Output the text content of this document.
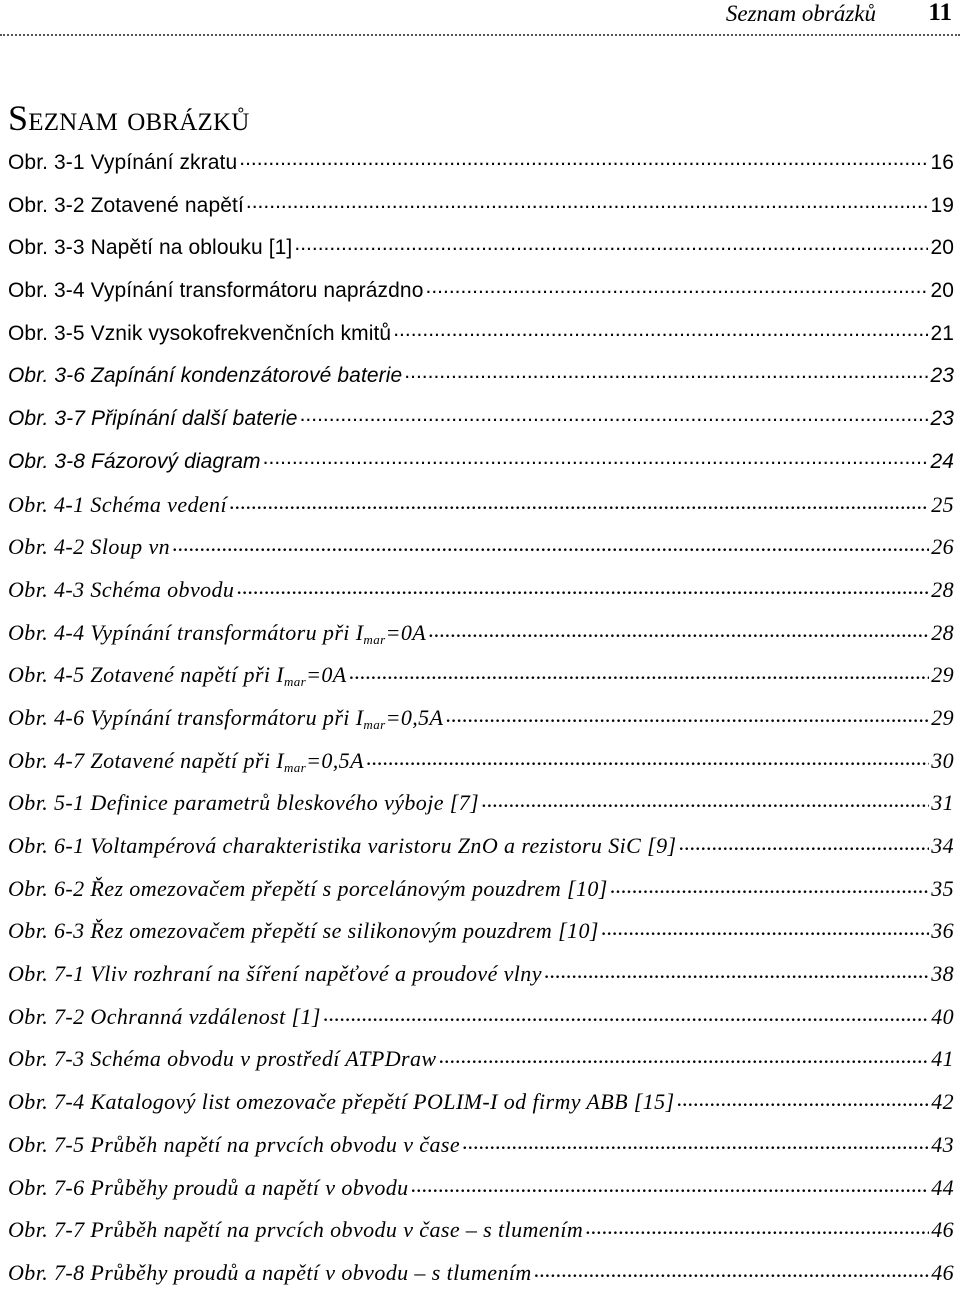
Seznam obrázků 11
Seznam obrázků
Obr. 3-1 Vypínání zkratu .....	16
Obr. 3-2 Zotavené napětí .....	19
Obr. 3-3 Napětí na oblouku [1] .....	20
Obr. 3-4 Vypínání transformátoru naprázdno .....	20
Obr. 3-5 Vznik vysokofrekvenčních kmitů .....	21
Obr. 3-6 Zapínání kondenzátorové baterie .....	23
Obr. 3-7 Připínání další baterie .....	23
Obr. 3-8 Fázorový diagram .....	24
Obr. 4-1 Schéma vedení .....	25
Obr. 4-2 Sloup vn .....	26
Obr. 4-3 Schéma obvodu .....	28
Obr. 4-4 Vypínání transformátoru při $I_{mar}=0A$ .....	28
Obr. 4-5 Zotavené napětí při $I_{mar}=0A$ .....	29
Obr. 4-6 Vypínání transformátoru při $I_{mar}=0,5A$ .....	29
Obr. 4-7 Zotavené napětí při $I_{mar}=0,5A$ .....	30
Obr. 5-1 Definice parametrů bleskového výboje [7] .....	31
Obr. 6-1 Voltampérová charakteristika varistoru ZnO a rezistoru SiC [9] .....	34
Obr. 6-2 Řez omezovačem přepětí s porcelánovým pouzdrem [10] .....	35
Obr. 6-3 Řez omezovačem přepětí se silikonovým pouzdrem [10] .....	36
Obr. 7-1 Vliv rozhraní na šíření napěťové a proudové vlny .....	38
Obr. 7-2 Ochranná vzdálenost [1] .....	40
Obr. 7-3 Schéma obvodu v prostředí ATPDraw .....	41
Obr. 7-4 Katalogový list omezovače přepětí POLIM-I od firmy ABB [15] .....	42
Obr. 7-5 Průběh napětí na prvcích obvodu v čase .....	43
Obr. 7-6 Průběhy proudů a napětí v obvodu .....	44
Obr. 7-7 Průběh napětí na prvcích obvodu v čase – s tlumením .....	46
Obr. 7-8 Průběhy proudů a napětí v obvodu – s tlumením .....	46
